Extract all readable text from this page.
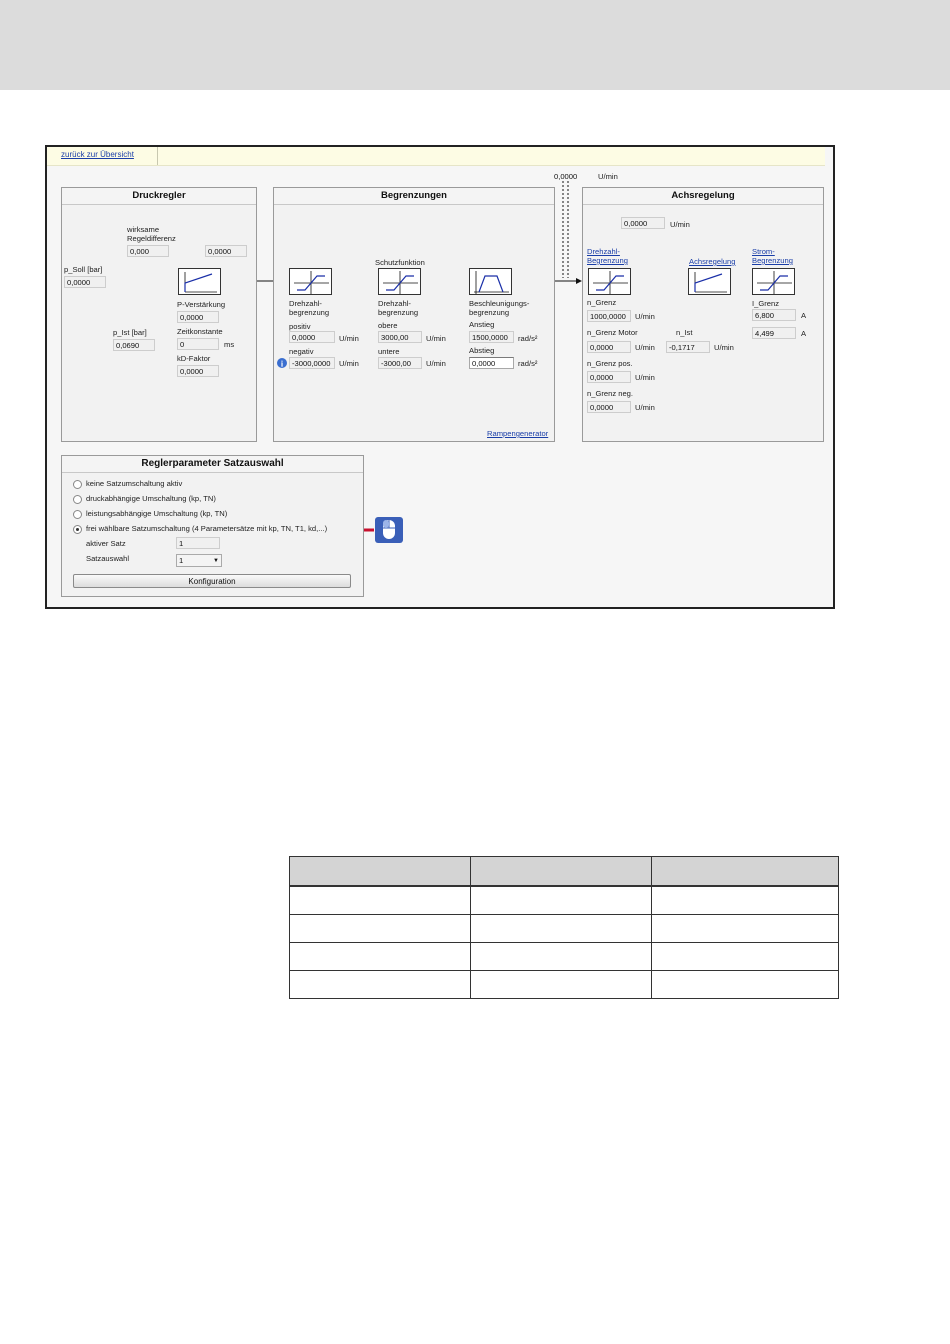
zurück zur Übersicht
0,0000	U/min
Druckregler
wirksame
Regeldifferenz
0,000	0,0000
p_Soll [bar]
0,0000
P-Verstärkung
0,0000
Zeitkonstante
0	ms
kD-Faktor
0,0000
p_Ist [bar]
0,0690
Begrenzungen
Schutzfunktion
Drehzahl-
begrenzung
positiv
0,0000	U/min
negativ
i	-3000,0000	U/min
Drehzahl-
begrenzung
obere
3000,00	U/min
untere
-3000,00	U/min
Beschleunigungs-
begrenzung
Anstieg
1500,0000	rad/s²
Abstieg
0,0000	rad/s²
Rampengenerator
Achsregelung
0,0000	U/min
Drehzahl-
Begrenzung	Achsregelung
Strom-
Begrenzung
n_Grenz
1000,0000	U/min
n_Grenz Motor
0,0000	U/min
n_Ist
-0,1717	U/min
n_Grenz pos.
0,0000	U/min
n_Grenz neg.
0,0000	U/min
I_Grenz
6,800	A
4,499	A
Reglerparameter Satzauswahl
keine Satzumschaltung aktiv
druckabhängige Umschaltung (kp, TN)
leistungsabhängige Umschaltung (kp, TN)
frei wählbare Satzumschaltung (4 Parametersätze mit kp, TN, T1, kd,...)
aktiver Satz	1
Satzauswahl	1	▼
Konfiguration
